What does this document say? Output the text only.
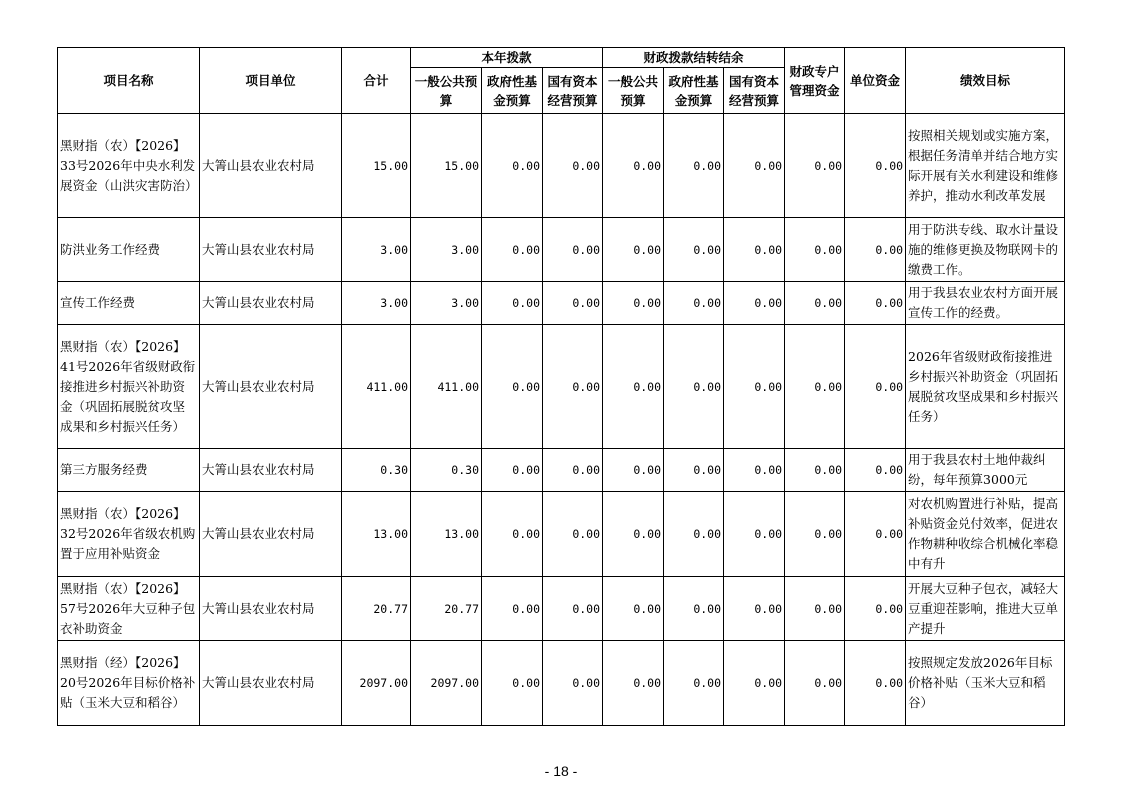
项目名称	项目单位	合计	本年拨款			财政拨款结转结余			财政专户管理资金	单位资金	绩效目标
			一般公共预算	政府性基金预算	国有资本经营预算	一般公共预算	政府性基金预算	国有资本经营预算			
黑财指（农）【2026】33号2026年中央水利发展资金（山洪灾害防治）	大箐山县农业农村局	15.00	15.00	0.00	0.00	0.00	0.00	0.00	0.00	0.00	按照相关规划或实施方案，根据任务清单并结合地方实际开展有关水利建设和维修养护，推动水利改革发展
防洪业务工作经费	大箐山县农业农村局	3.00	3.00	0.00	0.00	0.00	0.00	0.00	0.00	0.00	用于防洪专线、取水计量设施的维修更换及物联网卡的缴费工作。
宣传工作经费	大箐山县农业农村局	3.00	3.00	0.00	0.00	0.00	0.00	0.00	0.00	0.00	用于我县农业农村方面开展宣传工作的经费。
黑财指（农）【2026】41号2026年省级财政衔接推进乡村振兴补助资金（巩固拓展脱贫攻坚成果和乡村振兴任务）	大箐山县农业农村局	411.00	411.00	0.00	0.00	0.00	0.00	0.00	0.00	0.00	2026年省级财政衔接推进乡村振兴补助资金（巩固拓展脱贫攻坚成果和乡村振兴任务）
第三方服务经费	大箐山县农业农村局	0.30	0.30	0.00	0.00	0.00	0.00	0.00	0.00	0.00	用于我县农村土地仲裁纠纷，每年预算3000元
黑财指（农）【2026】32号2026年省级农机购置于应用补贴资金	大箐山县农业农村局	13.00	13.00	0.00	0.00	0.00	0.00	0.00	0.00	0.00	对农机购置进行补贴，提高补贴资金兑付效率，促进农作物耕种收综合机械化率稳中有升
黑财指（农）【2026】57号2026年大豆种子包衣补助资金	大箐山县农业农村局	20.77	20.77	0.00	0.00	0.00	0.00	0.00	0.00	0.00	开展大豆种子包衣，减轻大豆重迎茬影响，推进大豆单产提升
黑财指（经）【2026】20号2026年目标价格补贴（玉米大豆和稻谷）	大箐山县农业农村局	2097.00	2097.00	0.00	0.00	0.00	0.00	0.00	0.00	0.00	按照规定发放2026年目标价格补贴（玉米大豆和稻谷）
- 18 -
